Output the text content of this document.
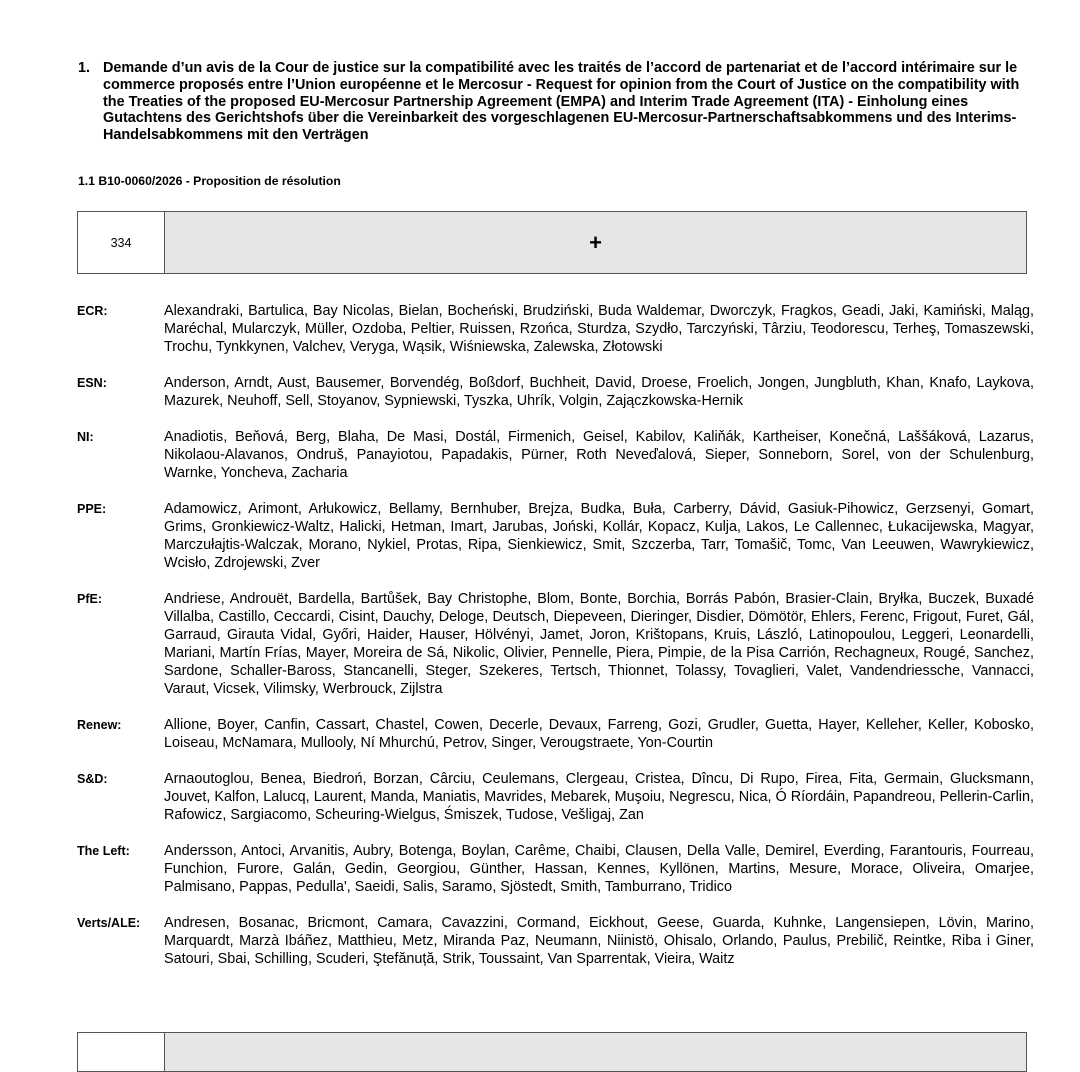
1. Demande d’un avis de la Cour de justice sur la compatibilité avec les traités de l’accord de partenariat et de l’accord intérimaire sur le commerce proposés entre l’Union européenne et le Mercosur - Request for opinion from the Court of Justice on the compatibility with the Treaties of the proposed EU-Mercosur Partnership Agreement (EMPA) and Interim Trade Agreement (ITA) - Einholung eines Gutachtens des Gerichtshofs über die Vereinbarkeit des vorgeschlagenen EU-Mercosur-Partnerschaftsabkommens und des Interims-Handelsabkommens mit den Verträgen
1.1 B10-0060/2026 - Proposition de résolution
334	+
ECR:	Alexandraki, Bartulica, Bay Nicolas, Bielan, Bocheński, Brudziński, Buda Waldemar, Dworczyk, Fragkos, Geadi, Jaki, Kamiński, Maląg, Maréchal, Mularczyk, Müller, Ozdoba, Peltier, Ruissen, Rzońca, Sturdza, Szydło, Tarczyński, Târziu, Teodorescu, Terheş, Tomaszewski, Trochu, Tynkkynen, Valchev, Veryga, Wąsik, Wiśniewska, Zalewska, Złotowski
ESN:	Anderson, Arndt, Aust, Bausemer, Borvendég, Boßdorf, Buchheit, David, Droese, Froelich, Jongen, Jungbluth, Khan, Knafo, Laykova, Mazurek, Neuhoff, Sell, Stoyanov, Sypniewski, Tyszka, Uhrík, Volgin, Zajączkowska-Hernik
NI:	Anadiotis, Beňová, Berg, Blaha, De Masi, Dostál, Firmenich, Geisel, Kabilov, Kaliňák, Kartheiser, Konečná, Laššáková, Lazarus, Nikolaou-Alavanos, Ondruš, Panayiotou, Papadakis, Pürner, Roth Neveďalová, Sieper, Sonneborn, Sorel, von der Schulenburg, Warnke, Yoncheva, Zacharia
PPE:	Adamowicz, Arimont, Arłukowicz, Bellamy, Bernhuber, Brejza, Budka, Buła, Carberry, Dávid, Gasiuk-Pihowicz, Gerzsenyi, Gomart, Grims, Gronkiewicz-Waltz, Halicki, Hetman, Imart, Jarubas, Joński, Kollár, Kopacz, Kulja, Lakos, Le Callennec, Łukacijewska, Magyar, Marczułajtis-Walczak, Morano, Nykiel, Protas, Ripa, Sienkiewicz, Smit, Szczerba, Tarr, Tomašič, Tomc, Van Leeuwen, Wawrykiewicz, Wcisło, Zdrojewski, Zver
PfE:	Andriese, Androuët, Bardella, Bartůšek, Bay Christophe, Blom, Bonte, Borchia, Borrás Pabón, Brasier-Clain, Bryłka, Buczek, Buxadé Villalba, Castillo, Ceccardi, Cisint, Dauchy, Deloge, Deutsch, Diepeveen, Dieringer, Disdier, Dömötör, Ehlers, Ferenc, Frigout, Furet, Gál, Garraud, Girauta Vidal, Győri, Haider, Hauser, Hölvényi, Jamet, Joron, Krištopans, Kruis, László, Latinopoulou, Leggeri, Leonardelli, Mariani, Martín Frías, Mayer, Moreira de Sá, Nikolic, Olivier, Pennelle, Piera, Pimpie, de la Pisa Carrión, Rechagneux, Rougé, Sanchez, Sardone, Schaller-Baross, Stancanelli, Steger, Szekeres, Tertsch, Thionnet, Tolassy, Tovaglieri, Valet, Vandendriessche, Vannacci, Varaut, Vicsek, Vilimsky, Werbrouck, Zijlstra
Renew:	Allione, Boyer, Canfin, Cassart, Chastel, Cowen, Decerle, Devaux, Farreng, Gozi, Grudler, Guetta, Hayer, Kelleher, Keller, Kobosko, Loiseau, McNamara, Mullooly, Ní Mhurchú, Petrov, Singer, Verougstraete, Yon-Courtin
S&D:	Arnaoutoglou, Benea, Biedroń, Borzan, Cârciu, Ceulemans, Clergeau, Cristea, Dîncu, Di Rupo, Firea, Fita, Germain, Glucksmann, Jouvet, Kalfon, Lalucq, Laurent, Manda, Maniatis, Mavrides, Mebarek, Muşoiu, Negrescu, Nica, Ó Ríordáin, Papandreou, Pellerin-Carlin, Rafowicz, Sargiacomo, Scheuring-Wielgus, Śmiszek, Tudose, Vešligaj, Zan
The Left:	Andersson, Antoci, Arvanitis, Aubry, Botenga, Boylan, Carême, Chaibi, Clausen, Della Valle, Demirel, Everding, Farantouris, Fourreau, Funchion, Furore, Galán, Gedin, Georgiou, Günther, Hassan, Kennes, Kyllönen, Martins, Mesure, Morace, Oliveira, Omarjee, Palmisano, Pappas, Pedulla', Saeidi, Salis, Saramo, Sjöstedt, Smith, Tamburrano, Tridico
Verts/ALE:	Andresen, Bosanac, Bricmont, Camara, Cavazzini, Cormand, Eickhout, Geese, Guarda, Kuhnke, Langensiepen, Lövin, Marino, Marquardt, Marzà Ibáñez, Matthieu, Metz, Miranda Paz, Neumann, Niinistö, Ohisalo, Orlando, Paulus, Prebilič, Reintke, Riba i Giner, Satouri, Sbai, Schilling, Scuderi, Ştefănuță, Strik, Toussaint, Van Sparrentak, Vieira, Waitz
